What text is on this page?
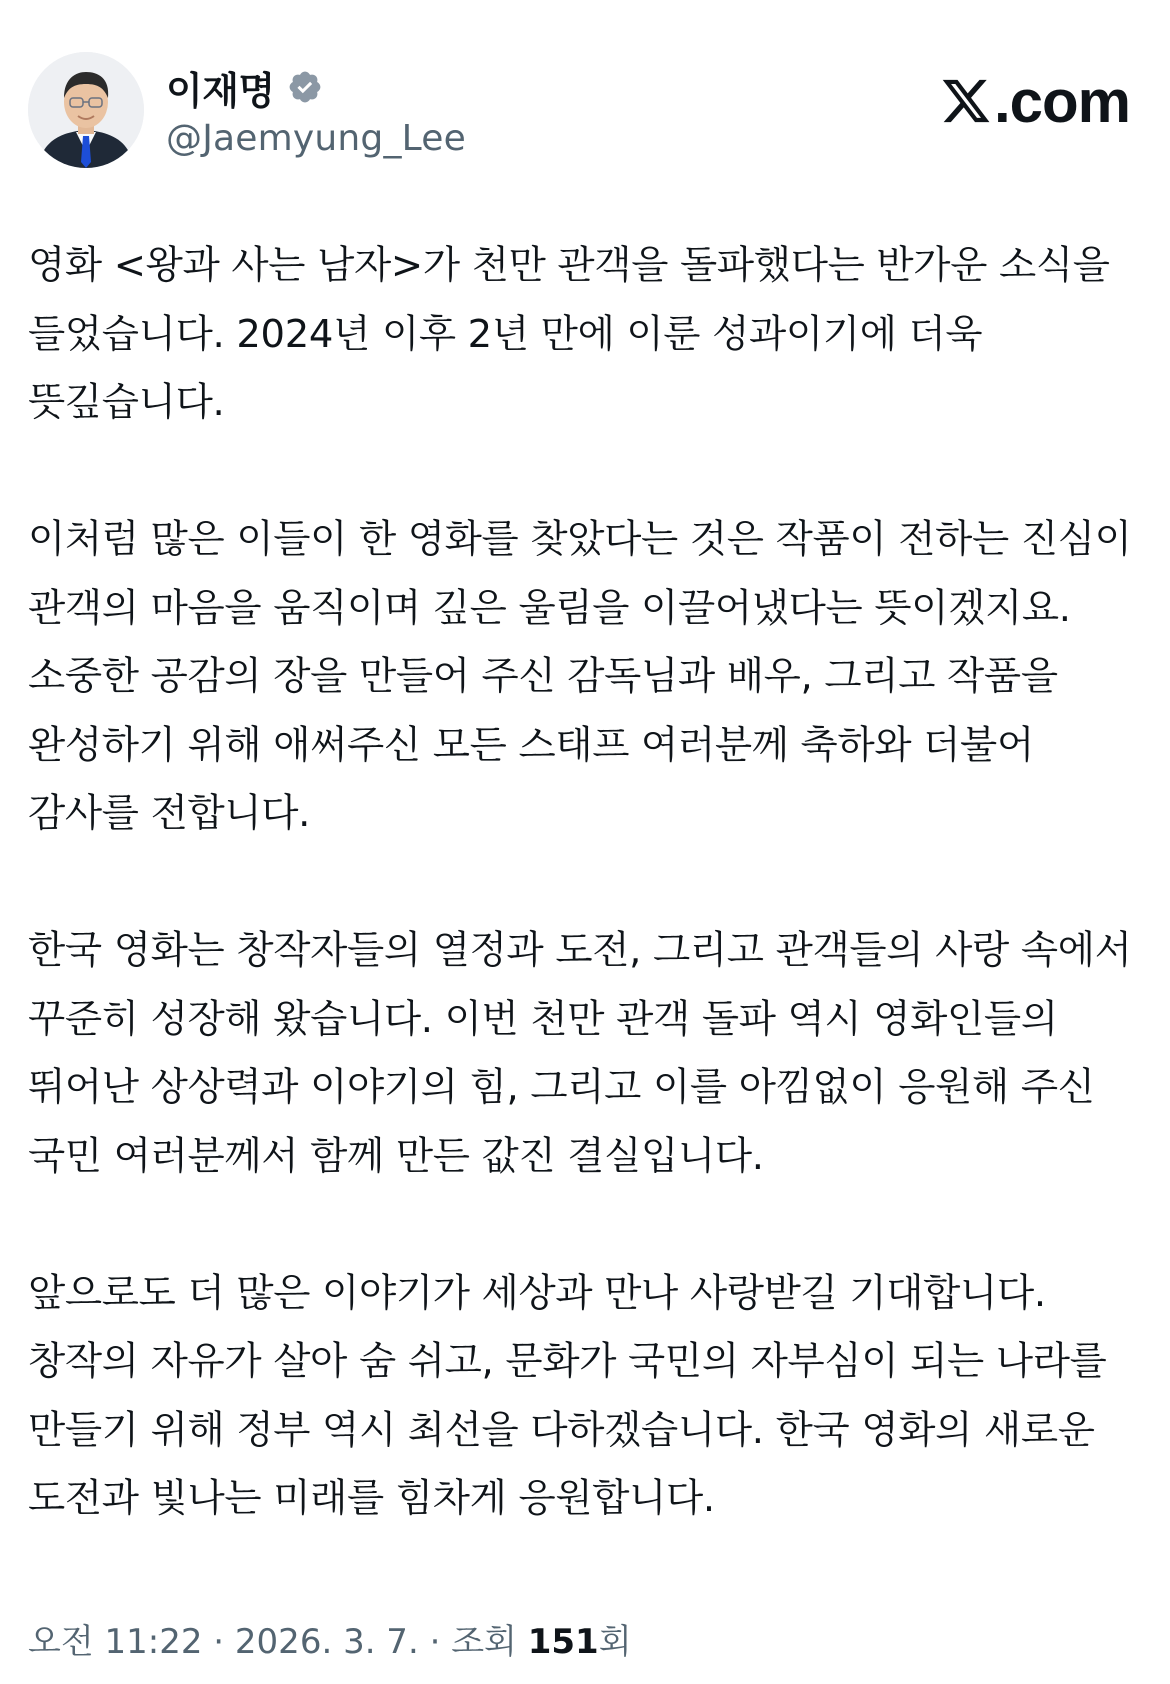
이재명
@Jaemyung_Lee
.com

영화 <왕과 사는 남자>가 천만 관객을 돌파했다는 반가운 소식을 들었습니다. 2024년 이후 2년 만에 이룬 성과이기에 더욱 뜻깊습니다.

이처럼 많은 이들이 한 영화를 찾았다는 것은 작품이 전하는 진심이 관객의 마음을 움직이며 깊은 울림을 이끌어냈다는 뜻이겠지요. 소중한 공감의 장을 만들어 주신 감독님과 배우, 그리고 작품을 완성하기 위해 애써주신 모든 스태프 여러분께 축하와 더불어 감사를 전합니다.

한국 영화는 창작자들의 열정과 도전, 그리고 관객들의 사랑 속에서 꾸준히 성장해 왔습니다. 이번 천만 관객 돌파 역시 영화인들의 뛰어난 상상력과 이야기의 힘, 그리고 이를 아낌없이 응원해 주신 국민 여러분께서 함께 만든 값진 결실입니다.

앞으로도 더 많은 이야기가 세상과 만나 사랑받길 기대합니다. 창작의 자유가 살아 숨 쉬고, 문화가 국민의 자부심이 되는 나라를 만들기 위해 정부 역시 최선을 다하겠습니다. 한국 영화의 새로운 도전과 빛나는 미래를 힘차게 응원합니다.

오전 11:22 · 2026. 3. 7. · 조회 151회
